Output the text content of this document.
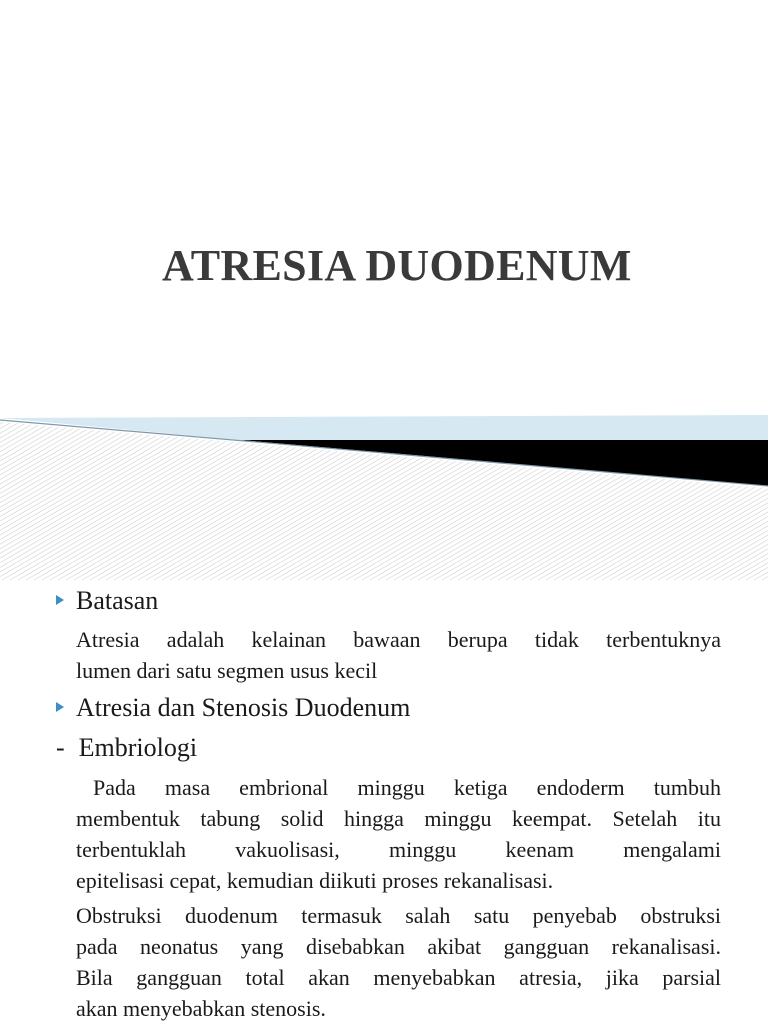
ATRESIA DUODENUM
Batasan
Atresia adalah kelainan bawaan berupa tidak terbentuknya
lumen dari satu segmen usus kecil
Atresia dan Stenosis Duodenum
- Embriologi
Pada masa embrional minggu ketiga endoderm tumbuh
membentuk tabung solid hingga minggu keempat. Setelah itu
terbentuklah vakuolisasi, minggu keenam mengalami
epitelisasi cepat, kemudian diikuti proses rekanalisasi.
Obstruksi duodenum termasuk salah satu penyebab obstruksi
pada neonatus yang disebabkan akibat gangguan rekanalisasi.
Bila gangguan total akan menyebabkan atresia, jika parsial
akan menyebabkan stenosis.
